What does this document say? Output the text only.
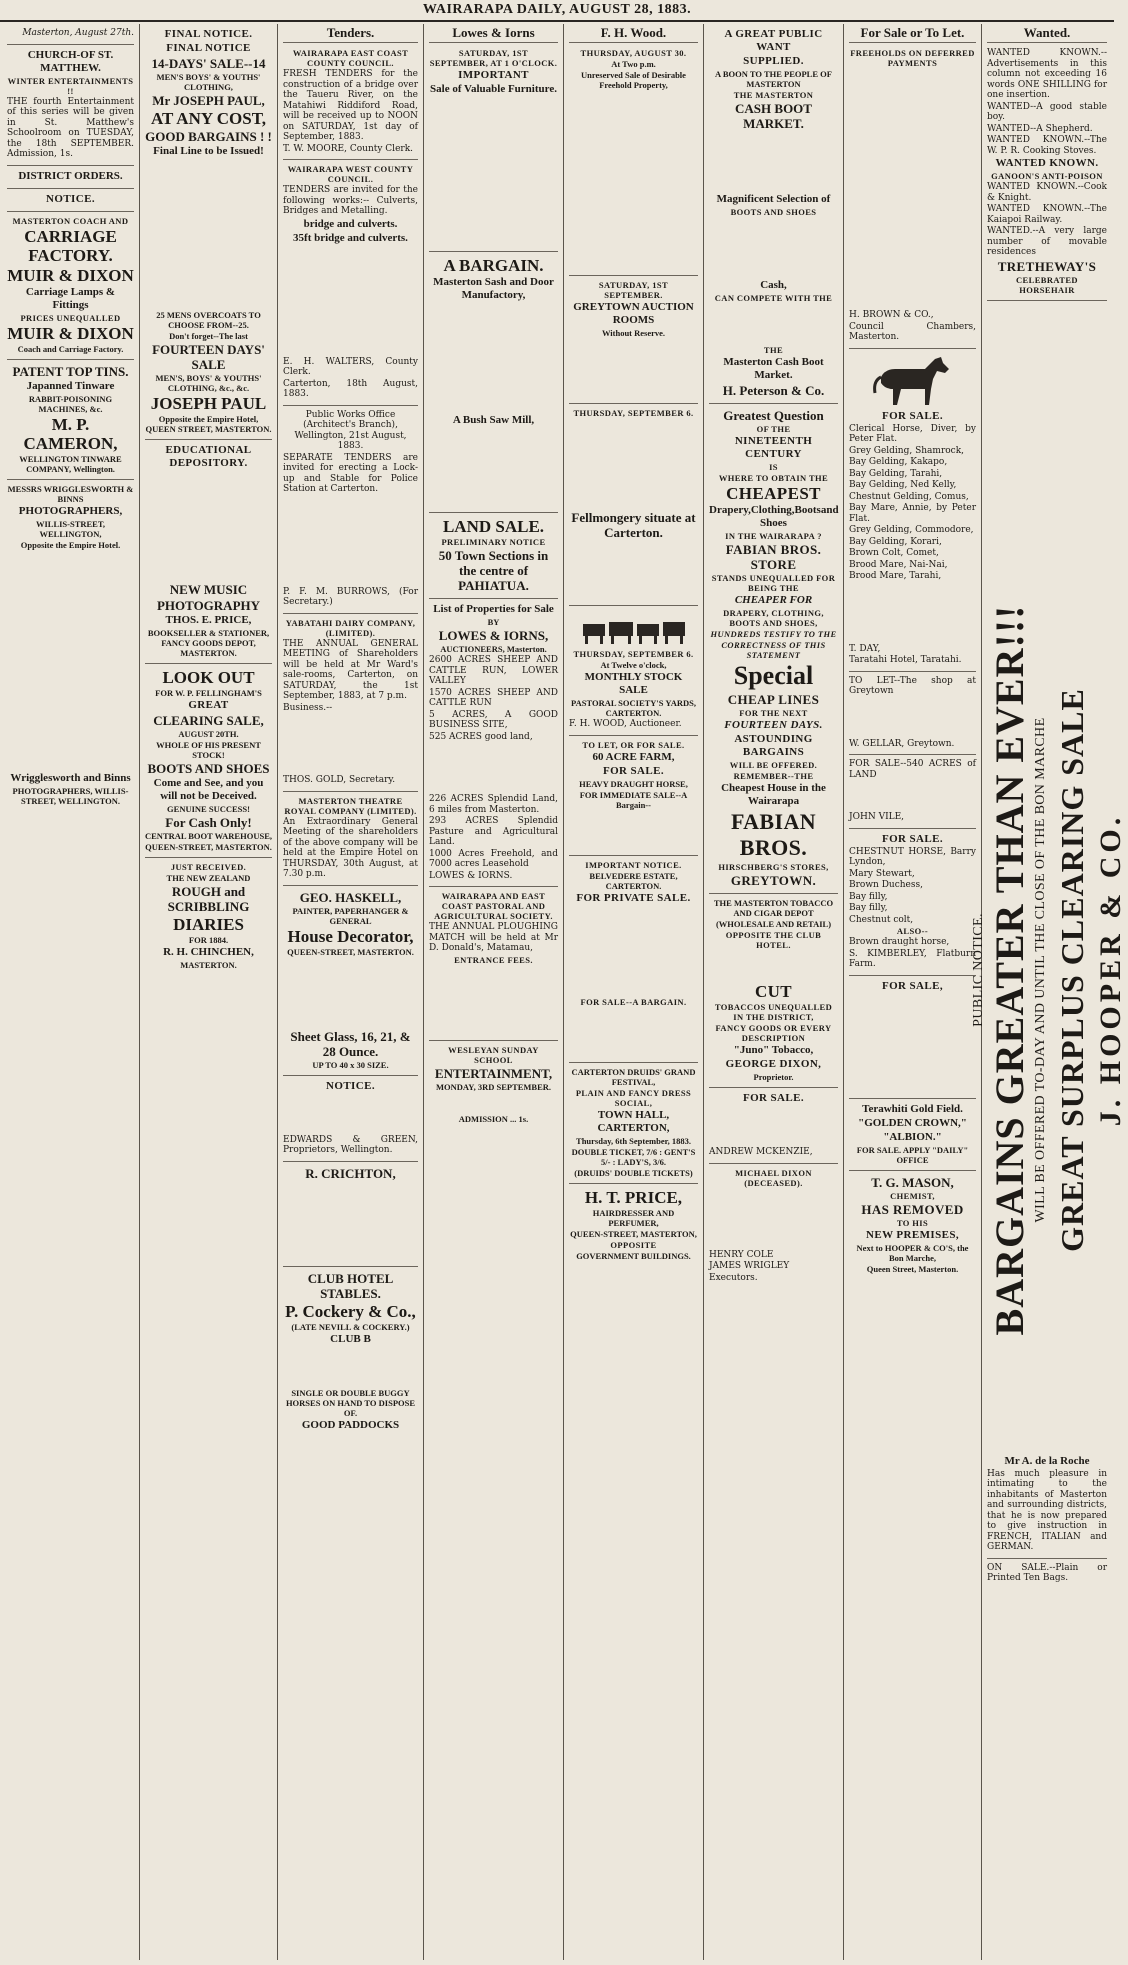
WAIRARAPA DAILY, AUGUST 28, 1883.

Masterton, August 27th.

CHURCH-OF ST. MATTHEW.
WINTER ENTERTAINMENTS !!

THE fourth Entertainment of this series will be given in St. Matthew's Schoolroom on TUESDAY, the 18th SEPTEMBER. Admission, 1s.

DISTRICT ORDERS.
NOTICE.
MASTERTON COACH AND
CARRIAGE FACTORY.
MUIR & DIXON
Carriage Lamps & Fittings
PRICES UNEQUALLED
MUIR & DIXON
Coach and Carriage Factory.
PATENT TOP TINS.
Japanned Tinware
RABBIT-POISONING MACHINES, &c.
M. P. CAMERON,
WELLINGTON TINWARE COMPANY, Wellington.
MESSRS WRIGGLESWORTH & BINNS
PHOTOGRAPHERS,
WILLIS-STREET, WELLINGTON,
Opposite the Empire Hotel.
Wrigglesworth and Binns
PHOTOGRAPHERS, WILLIS-STREET, WELLINGTON.
FINAL NOTICE.
FINAL NOTICE
14-DAYS' SALE--14
MEN'S BOYS' & YOUTHS' CLOTHING,
Mr JOSEPH PAUL,
AT ANY COST,
GOOD BARGAINS ! !
Final Line to be Issued!
25 MENS OVERCOATS TO CHOOSE FROM--25.
Don't forget--The last
FOURTEEN DAYS' SALE
MEN'S, BOYS' & YOUTHS' CLOTHING, &c., &c.
JOSEPH PAUL
Opposite the Empire Hotel, QUEEN STREET, MASTERTON.
EDUCATIONAL DEPOSITORY.
NEW MUSIC
PHOTOGRAPHY
THOS. E. PRICE,
BOOKSELLER & STATIONER, FANCY GOODS DEPOT, MASTERTON.
LOOK OUT
FOR W. P. FELLINGHAM'S
GREAT
CLEARING SALE,
AUGUST 20TH.
WHOLE OF HIS PRESENT STOCK!
BOOTS AND SHOES
Come and See, and you will not be Deceived.
GENUINE SUCCESS!
For Cash Only!
CENTRAL BOOT WAREHOUSE,
QUEEN-STREET, MASTERTON.
JUST RECEIVED.
THE NEW ZEALAND
ROUGH and SCRIBBLING
DIARIES
FOR 1884.
R. H. CHINCHEN,
MASTERTON.
Tenders.
WAIRARAPA EAST COAST COUNTY COUNCIL.

FRESH TENDERS for the construction of a bridge over the Taueru River, on the Matahiwi Riddiford Road, will be received up to NOON on SATURDAY, 1st day of September, 1883.

T. W. MOORE, County Clerk.

WAIRARAPA WEST COUNTY COUNCIL.

TENDERS are invited for the following works:-- Culverts, Bridges and Metalling.

bridge and culverts.
35ft bridge and culverts.

E. H. WALTERS, County Clerk.

Carterton, 18th August, 1883.

Public Works Office (Architect's Branch), Wellington, 21st August, 1883.

SEPARATE TENDERS are invited for erecting a Lock-up and Stable for Police Station at Carterton.

P. F. M. BURROWS, (For Secretary.)

YABATAHI DAIRY COMPANY, (LIMITED).

THE ANNUAL GENERAL MEETING of Shareholders will be held at Mr Ward's sale-rooms, Carterton, on SATURDAY, the 1st September, 1883, at 7 p.m.

Business.--

THOS. GOLD, Secretary.

MASTERTON THEATRE ROYAL COMPANY (LIMITED).

An Extraordinary General Meeting of the shareholders of the above company will be held at the Empire Hotel on THURSDAY, 30th August, at 7.30 p.m.

GEO. HASKELL,
PAINTER, PAPERHANGER & GENERAL
House Decorator,
QUEEN-STREET, MASTERTON.
Sheet Glass, 16, 21, & 28 Ounce.
UP TO 40 x 30 SIZE.
NOTICE.

EDWARDS & GREEN, Proprietors, Wellington.

R. CRICHTON,
CLUB HOTEL STABLES.
P. Cockery & Co.,
(LATE NEVILL & COCKERY.)
CLUB B
SINGLE OR DOUBLE BUGGY HORSES ON HAND TO DISPOSE OF.
GOOD PADDOCKS
Lowes & Iorns
SATURDAY, 1ST SEPTEMBER, AT 1 O'CLOCK.
IMPORTANT
Sale of Valuable Furniture.
A BARGAIN.
Masterton Sash and Door Manufactory,
A Bush Saw Mill,
LAND SALE.
PRELIMINARY NOTICE
50 Town Sections in the centre of PAHIATUA.
List of Properties for Sale
BY
LOWES & IORNS,
AUCTIONEERS, Masterton.

2600 ACRES SHEEP AND CATTLE RUN, LOWER VALLEY

1570 ACRES SHEEP AND CATTLE RUN

5 ACRES, A GOOD BUSINESS SITE,

525 ACRES good land,

226 ACRES Splendid Land, 6 miles from Masterton.

293 ACRES Splendid Pasture and Agricultural Land.

1000 Acres Freehold, and 7000 acres Leasehold

LOWES & IORNS.

WAIRARAPA AND EAST COAST PASTORAL AND AGRICULTURAL SOCIETY.

THE ANNUAL PLOUGHING MATCH will be held at Mr D. Donald's, Matamau,

ENTRANCE FEES.
WESLEYAN SUNDAY SCHOOL
ENTERTAINMENT,
MONDAY, 3RD SEPTEMBER.
ADMISSION ... 1s.
F. H. Wood.
THURSDAY, AUGUST 30.
At Two p.m.
Unreserved Sale of Desirable Freehold Property,
SATURDAY, 1ST SEPTEMBER.
GREYTOWN AUCTION ROOMS
Without Reserve.
THURSDAY, SEPTEMBER 6.
Fellmongery situate at Carterton.
THURSDAY, SEPTEMBER 6.
At Twelve o'clock,
MONTHLY STOCK SALE
PASTORAL SOCIETY'S YARDS, CARTERTON.

F. H. WOOD, Auctioneer.

TO LET, OR FOR SALE.
60 ACRE FARM,
FOR SALE.
HEAVY DRAUGHT HORSE,
FOR IMMEDIATE SALE--A Bargain--
IMPORTANT NOTICE.
BELVEDERE ESTATE, CARTERTON.
FOR PRIVATE SALE.
FOR SALE--A BARGAIN.
CARTERTON DRUIDS' GRAND FESTIVAL,
PLAIN AND FANCY DRESS SOCIAL,
TOWN HALL, CARTERTON,
Thursday, 6th September, 1883.
DOUBLE TICKET, 7/6 : GENT'S 5/- : LADY'S, 3/6.
(DRUIDS' DOUBLE TICKETS)
H. T. PRICE,
HAIRDRESSER AND PERFUMER,
QUEEN-STREET, MASTERTON,
OPPOSITE
GOVERNMENT BUILDINGS.
A GREAT PUBLIC WANT
SUPPLIED.
A BOON TO THE PEOPLE OF MASTERTON
THE MASTERTON
CASH BOOT MARKET.
Magnificent Selection of
BOOTS AND SHOES
Cash,
CAN COMPETE WITH THE
THE
Masterton Cash Boot Market.
H. Peterson & Co.
Greatest Question
OF THE
NINETEENTH CENTURY
IS
WHERE TO OBTAIN THE
CHEAPEST
Drapery,Clothing,Bootsand Shoes
IN THE WAIRARAPA ?
FABIAN BROS. STORE
STANDS UNEQUALLED FOR BEING THE
CHEAPER FOR
DRAPERY, CLOTHING, BOOTS AND SHOES,
HUNDREDS TESTIFY TO THE
CORRECTNESS OF THIS STATEMENT
Special
CHEAP LINES
FOR THE NEXT
FOURTEEN DAYS.
ASTOUNDING BARGAINS
WILL BE OFFERED.
REMEMBER--THE
Cheapest House in the Wairarapa
FABIAN BROS.
HIRSCHBERG'S STORES,
GREYTOWN.
THE MASTERTON TOBACCO AND CIGAR DEPOT
(WHOLESALE AND RETAIL)
OPPOSITE THE CLUB HOTEL.
CUT
TOBACCOS UNEQUALLED IN THE DISTRICT,
FANCY GOODS OR EVERY DESCRIPTION
"Juno" Tobacco,
GEORGE DIXON,
Proprietor.
FOR SALE.

ANDREW MCKENZIE,

MICHAEL DIXON (DECEASED).

HENRY COLE

JAMES WRIGLEY

Executors.

For Sale or To Let.
FREEHOLDS ON DEFERRED PAYMENTS

H. BROWN & CO.,

Council Chambers, Masterton.

FOR SALE.

Clerical Horse, Diver, by Peter Flat.

Grey Gelding, Shamrock,

Bay Gelding, Kakapo,

Bay Gelding, Tarahi,

Bay Gelding, Ned Kelly,

Chestnut Gelding, Comus,

Bay Mare, Annie, by Peter Flat.

Grey Gelding, Commodore,

Bay Gelding, Korari,

Brown Colt, Comet,

Brood Mare, Nai-Nai,

Brood Mare, Tarahi,

T. DAY,

Taratahi Hotel, Taratahi.

TO LET--The shop at Greytown

W. GELLAR, Greytown.

FOR SALE--540 ACRES of LAND

JOHN VILE,

FOR SALE.

CHESTNUT HORSE, Barry Lyndon,

Mary Stewart,

Brown Duchess,

Bay filly,

Bay filly,

Chestnut colt,

ALSO--

Brown draught horse,

S. KIMBERLEY, Flatburn Farm.

FOR SALE,
Terawhiti Gold Field.
"GOLDEN CROWN,"
"ALBION."
FOR SALE. APPLY "DAILY" OFFICE
T. G. MASON,
CHEMIST,
HAS REMOVED
TO HIS
NEW PREMISES,
Next to HOOPER & CO'S, the Bon Marche,
Queen Street, Masterton.
Wanted.

WANTED KNOWN.--Advertisements in this column not exceeding 16 words ONE SHILLING for one insertion.

WANTED--A good stable boy.

WANTED--A Shepherd.

WANTED KNOWN.--The W. P. R. Cooking Stoves.

WANTED KNOWN.
GANOON'S ANTI-POISON

WANTED KNOWN.--Cook & Knight.

WANTED KNOWN.--The Kaiapoi Railway.

WANTED.--A very large number of movable residences

TRETHEWAY'S
CELEBRATED HORSEHAIR
Mr A. de la Roche

Has much pleasure in intimating to the inhabitants of Masterton and surrounding districts, that he is now prepared to give instruction in FRENCH, ITALIAN and GERMAN.

ON SALE.--Plain or Printed Ten Bags.

PUBLIC NOTICE. BARGAINS GREATER THAN EVER!!! WILL BE OFFERED TO-DAY AND UNTIL THE CLOSE OF THE BON MARCHE GREAT SURPLUS CLEARING SALE J. HOOPER & CO.
